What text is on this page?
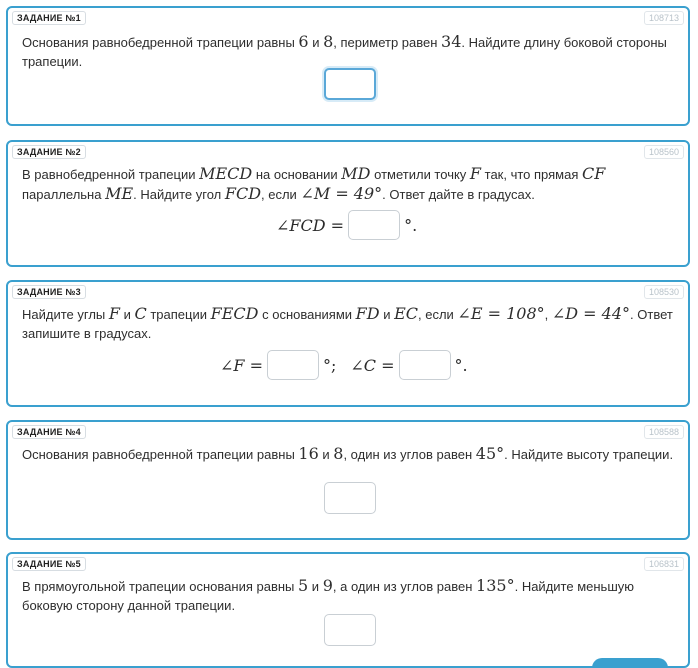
ЗАДАНИЕ №1	108713
Основания равнобедренной трапеции равны 6 и 8, периметр равен 34. Найдите длину боковой стороны трапеции.
ЗАДАНИЕ №2	108560
В равнобедренной трапеции MECD на основании MD отметили точку F так, что прямая CF параллельна ME. Найдите угол FCD, если ∠M = 49°. Ответ дайте в градусах.
∠FCD =	°.
ЗАДАНИЕ №3	108530
Найдите углы F и C трапеции FECD с основаниями FD и EC, если ∠E = 108°, ∠D = 44°. Ответ запишите в градусах.
∠F =	°; ∠C =	°.
ЗАДАНИЕ №4	108588
Основания равнобедренной трапеции равны 16 и 8, один из углов равен 45°. Найдите высоту трапеции.
ЗАДАНИЕ №5	106831
В прямоугольной трапеции основания равны 5 и 9, а один из углов равен 135°. Найдите меньшую боковую сторону данной трапеции.
